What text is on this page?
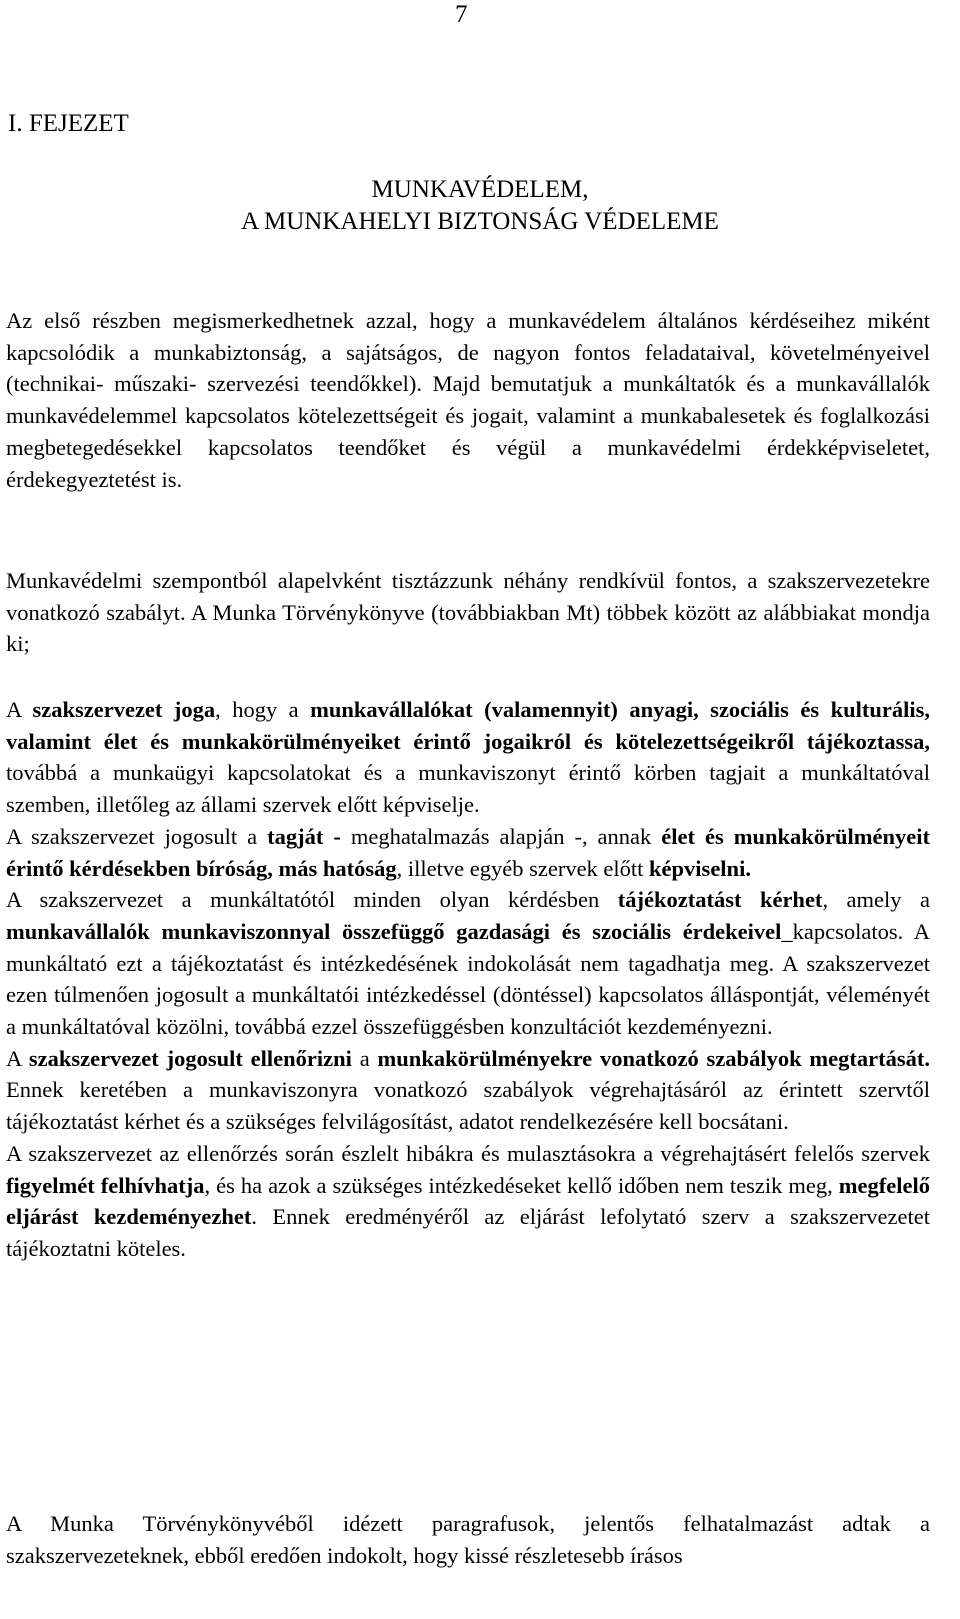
7
I. FEJEZET
MUNKAVÉDELEM,
A MUNKAHELYI BIZTONSÁG VÉDELEME

Az első részben megismerkedhetnek azzal, hogy a munkavédelem általános kérdéseihez miként kapcsolódik a munkabiztonság, a sajátságos, de nagyon fontos feladataival, követelményeivel (technikai- műszaki- szervezési teendőkkel). Majd bemutatjuk a munkáltatók és a munkavállalók munkavédelemmel kapcsolatos kötelezettségeit és jogait, valamint a munkabalesetek és foglalkozási megbetegedésekkel kapcsolatos teendőket és végül a munkavédelmi érdekképviseletet, érdekegyeztetést is.

Munkavédelmi szempontból alapelvként tisztázzunk néhány rendkívül fontos, a szakszervezetekre vonatkozó szabályt. A Munka Törvénykönyve (továbbiakban Mt) többek között az alábbiakat mondja ki;

A szakszervezet joga, hogy a munkavállalókat (valamennyit) anyagi, szociális és kulturális, valamint élet és munkakörülményeiket érintő jogaikról és kötelezettségeikről tájékoztassa, továbbá a munkaügyi kapcsolatokat és a munkaviszonyt érintő körben tagjait a munkáltatóval szemben, illetőleg az állami szervek előtt képviselje.

A szakszervezet jogosult a tagját - meghatalmazás alapján -, annak élet és munkakörülményeit érintő kérdésekben bíróság, más hatóság, illetve egyéb szervek előtt képviselni.

A szakszervezet a munkáltatótól minden olyan kérdésben tájékoztatást kérhet, amely a munkavállalók munkaviszonnyal összefüggő gazdasági és szociális érdekeivel_kapcsolatos. A munkáltató ezt a tájékoztatást és intézkedésének indokolását nem tagadhatja meg. A szakszervezet ezen túlmenően jogosult a munkáltatói intézkedéssel (döntéssel) kapcsolatos álláspontját, véleményét a munkáltatóval közölni, továbbá ezzel összefüggésben konzultációt kezdeményezni.

A szakszervezet jogosult ellenőrizni a munkakörülményekre vonatkozó szabályok megtartását. Ennek keretében a munkaviszonyra vonatkozó szabályok végrehajtásáról az érintett szervtől tájékoztatást kérhet és a szükséges felvilágosítást, adatot rendelkezésére kell bocsátani.

A szakszervezet az ellenőrzés során észlelt hibákra és mulasztásokra a végrehajtásért felelős szervek figyelmét felhívhatja, és ha azok a szükséges intézkedéseket kellő időben nem teszik meg, megfelelő eljárást kezdeményezhet. Ennek eredményéről az eljárást lefolytató szerv a szakszervezetet tájékoztatni köteles.

A Munka Törvénykönyvéből idézett paragrafusok, jelentős felhatalmazást adtak a szakszervezeteknek, ebből eredően indokolt, hogy kissé részletesebb írásos
